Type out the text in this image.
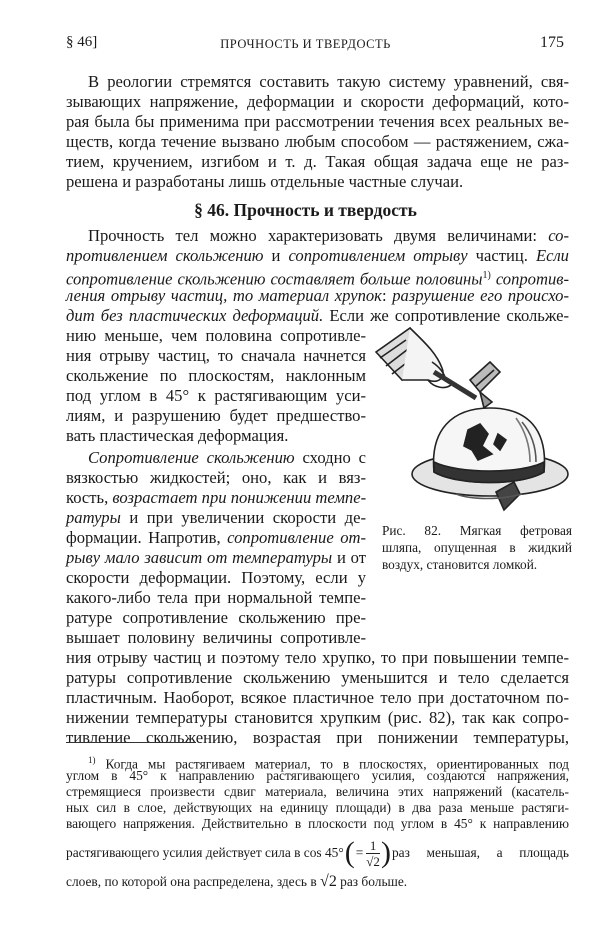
§ 46]	ПРОЧНОСТЬ И ТВЕРДОСТЬ	175
В реологии стремятся составить такую систему уравнений, свя-
зывающих напряжение, деформации и скорости деформаций, кото-
рая была бы применима при рассмотрении течения всех реальных ве-
ществ, когда течение вызвано любым способом — растяжением, сжа-
тием, кручением, изгибом и т. д. Такая общая задача еще не раз-
решена и разработаны лишь отдельные частные случаи.
§ 46. Прочность и твердость
Прочность тел можно характеризовать двумя величинами: со-
противлением скольжению и сопротивлением отрыву частиц. Если
сопротивление скольжению составляет больше половины$^{1)}$ сопротив-
ления отрыву частиц, то материал хрупок: разрушение его происхо-
дит без пластических деформаций. Если же сопротивление скольже-
нию меньше, чем половина сопротивле-
ния отрыву частиц, то сначала начнется
скольжение по плоскостям, наклонным
под углом в 45° к растягивающим уси-
лиям, и разрушению будет предшество-
вать пластическая деформация.
Сопротивление скольжению сходно с
вязкостью жидкостей; оно, как и вяз-
кость, возрастает при понижении темпе-
ратуры и при увеличении скорости де-
формации. Напротив, сопротивление от-
рыву мало зависит от температуры и от
скорости деформации. Поэтому, если у
какого-либо тела при нормальной темпе-
ратуре сопротивление скольжению пре-
вышает половину величины сопротивле-
ния отрыву частиц и поэтому тело хрупко, то при повышении темпе-
ратуры сопротивление скольжению уменьшится и тело сделается
пластичным. Наоборот, всякое пластичное тело при достаточном по-
нижении температуры становится хрупким (рис. 82), так как сопро-
тивление скольжению, возрастая при понижении температуры,
Рис. 82. Мягкая фетровая
шляпа, опущенная в жидкий
воздух, становится ломкой.
$^{1)}$ Когда мы растягиваем материал, то в плоскостях, ориентированных под
углом в 45° к направлению растягивающего усилия, создаются напряжения,
стремящиеся произвести сдвиг материала, величина этих напряжений (касатель-
ных сил в слое, действующих на единицу площади) в два раза меньше растяги-
вающего напряжения. Действительно в плоскости под углом в 45° к направлению
растягивающего усилия действует сила в cos 45° ( = $\frac{1}{√2}$ ) раз меньшая, а площадь
слоев, по которой она распределена, здесь в √2 раз больше.
